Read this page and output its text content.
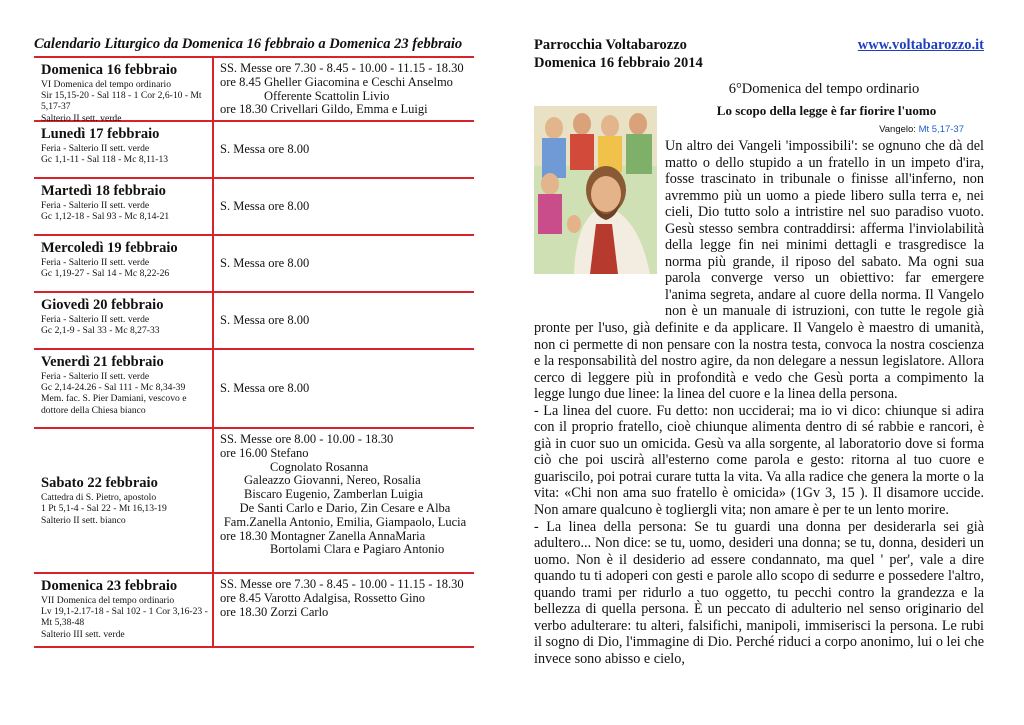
Calendario Liturgico da Domenica 16 febbraio a Domenica 23 febbraio
Domenica 16 febbraio
VI Domenica del tempo ordinario
Sir 15,15-20 - Sal 118 - 1 Cor 2,6-10 - Mt 5,17-37
Salterio II sett. verde
SS. Messe ore 7.30 - 8.45 - 10.00 - 11.15 - 18.30
ore 8.45 Gheller Giacomina e Ceschi Anselmo
Offerente Scattolin Livio
ore 18.30 Crivellari Gildo, Emma e Luigi
Lunedì 17 febbraio
Feria - Salterio II sett. verde
Gc 1,1-11 - Sal 118 - Mc 8,11-13
S. Messa ore 8.00
Martedì 18 febbraio
Feria - Salterio II sett. verde
Gc 1,12-18 - Sal 93 - Mc 8,14-21
S. Messa ore 8.00
Mercoledì 19 febbraio
Feria - Salterio II sett. verde
Gc 1,19-27 - Sal 14 - Mc 8,22-26
S. Messa ore 8.00
Giovedì 20 febbraio
Feria - Salterio II sett. verde
Gc 2,1-9 - Sal 33 - Mc 8,27-33
S. Messa ore 8.00
Venerdì 21 febbraio
Feria - Salterio II sett. verde
Gc 2,14-24.26 - Sal 111 - Mc 8,34-39
Mem. fac. S. Pier Damiani, vescovo e dottore della Chiesa bianco
S. Messa ore 8.00
Sabato 22 febbraio
Cattedra di S. Pietro, apostolo
1 Pt 5,1-4 - Sal 22 - Mt 16,13-19
Salterio II sett. bianco
SS. Messe ore 8.00 - 10.00 - 18.30
ore 16.00 Stefano
Cognolato Rosanna
Galeazzo Giovanni, Nereo, Rosalia
Biscaro Eugenio, Zamberlan Luigia
De Santi Carlo e Dario, Zin Cesare e Alba
Fam.Zanella Antonio, Emilia, Giampaolo, Lucia
ore 18.30 Montagner Zanella AnnaMaria
Bortolami Clara e Pagiaro Antonio
Domenica 23 febbraio
VII Domenica del tempo ordinario
Lv 19,1-2.17-18 - Sal 102 - 1 Cor 3,16-23 - Mt 5,38-48
Salterio III sett. verde
SS. Messe ore 7.30 - 8.45 - 10.00 - 11.15 - 18.30
ore 8.45 Varotto Adalgisa, Rossetto Gino
ore 18.30 Zorzi Carlo
Parrocchia Voltabarozzo	www.voltabarozzo.it
Domenica 16 febbraio 2014
6°Domenica del tempo ordinario
Lo scopo della legge è far fiorire l'uomo
Vangelo: Mt 5,17-37

Un altro dei Vangeli 'impossibili': se ognuno che dà del matto o dello stupido a un fratello in un impeto d'ira, fosse trascinato in tribunale o finisse all'inferno, non avremmo più un uomo a piede libero sulla terra e, nei cieli, Dio tutto solo a intristire nel suo paradiso vuoto. Gesù stesso sembra contraddirsi: afferma l'inviolabilità della legge fin nei minimi dettagli e trasgredisce la norma più grande, il riposo del sabato. Ma ogni sua parola converge verso un obiettivo: far emergere l'anima segreta, andare al cuore della norma. Il Vangelo non è un manuale di istruzioni, con tutte le regole già pronte per l'uso, già definite e da applicare. Il Vangelo è maestro di umanità, non ci permette di non pensare con la nostra testa, convoca la nostra coscienza e la responsabilità del nostro agire, da non delegare a nessun legislatore. Allora cerco di leggere più in profondità e vedo che Gesù porta a compimento la legge lungo due linee: la linea del cuore e la linea della persona.

- La linea del cuore. Fu detto: non ucciderai; ma io vi dico: chiunque si adira con il proprio fratello, cioè chiunque alimenta dentro di sé rabbie e rancori, è già in cuor suo un omicida. Gesù va alla sorgente, al laboratorio dove si forma ciò che poi uscirà all'esterno come parola e gesto: ritorna al tuo cuore e guariscilo, poi potrai curare tutta la vita. Va alla radice che genera la morte o la vita: «Chi non ama suo fratello è omicida» (1Gv 3, 15 ). Il disamore uccide. Non amare qualcuno è togliergli vita; non amare è per te un lento morire.

- La linea della persona: Se tu guardi una donna per desiderarla sei già adultero... Non dice: se tu, uomo, desideri una donna; se tu, donna, desideri un uomo. Non è il desiderio ad essere condannato, ma quel ' per', vale a dire quando tu ti adoperi con gesti e parole allo scopo di sedurre e possedere l'altro, quando trami per ridurlo a tuo oggetto, tu pecchi contro la grandezza e la bellezza di quella persona. È un peccato di adulterio nel senso originario del verbo adulterare: tu alteri, falsifichi, manipoli, immiserisci la persona. Le rubi il sogno di Dio, l'immagine di Dio. Perché riduci a corpo anonimo, lui o lei che invece sono abisso e cielo,
